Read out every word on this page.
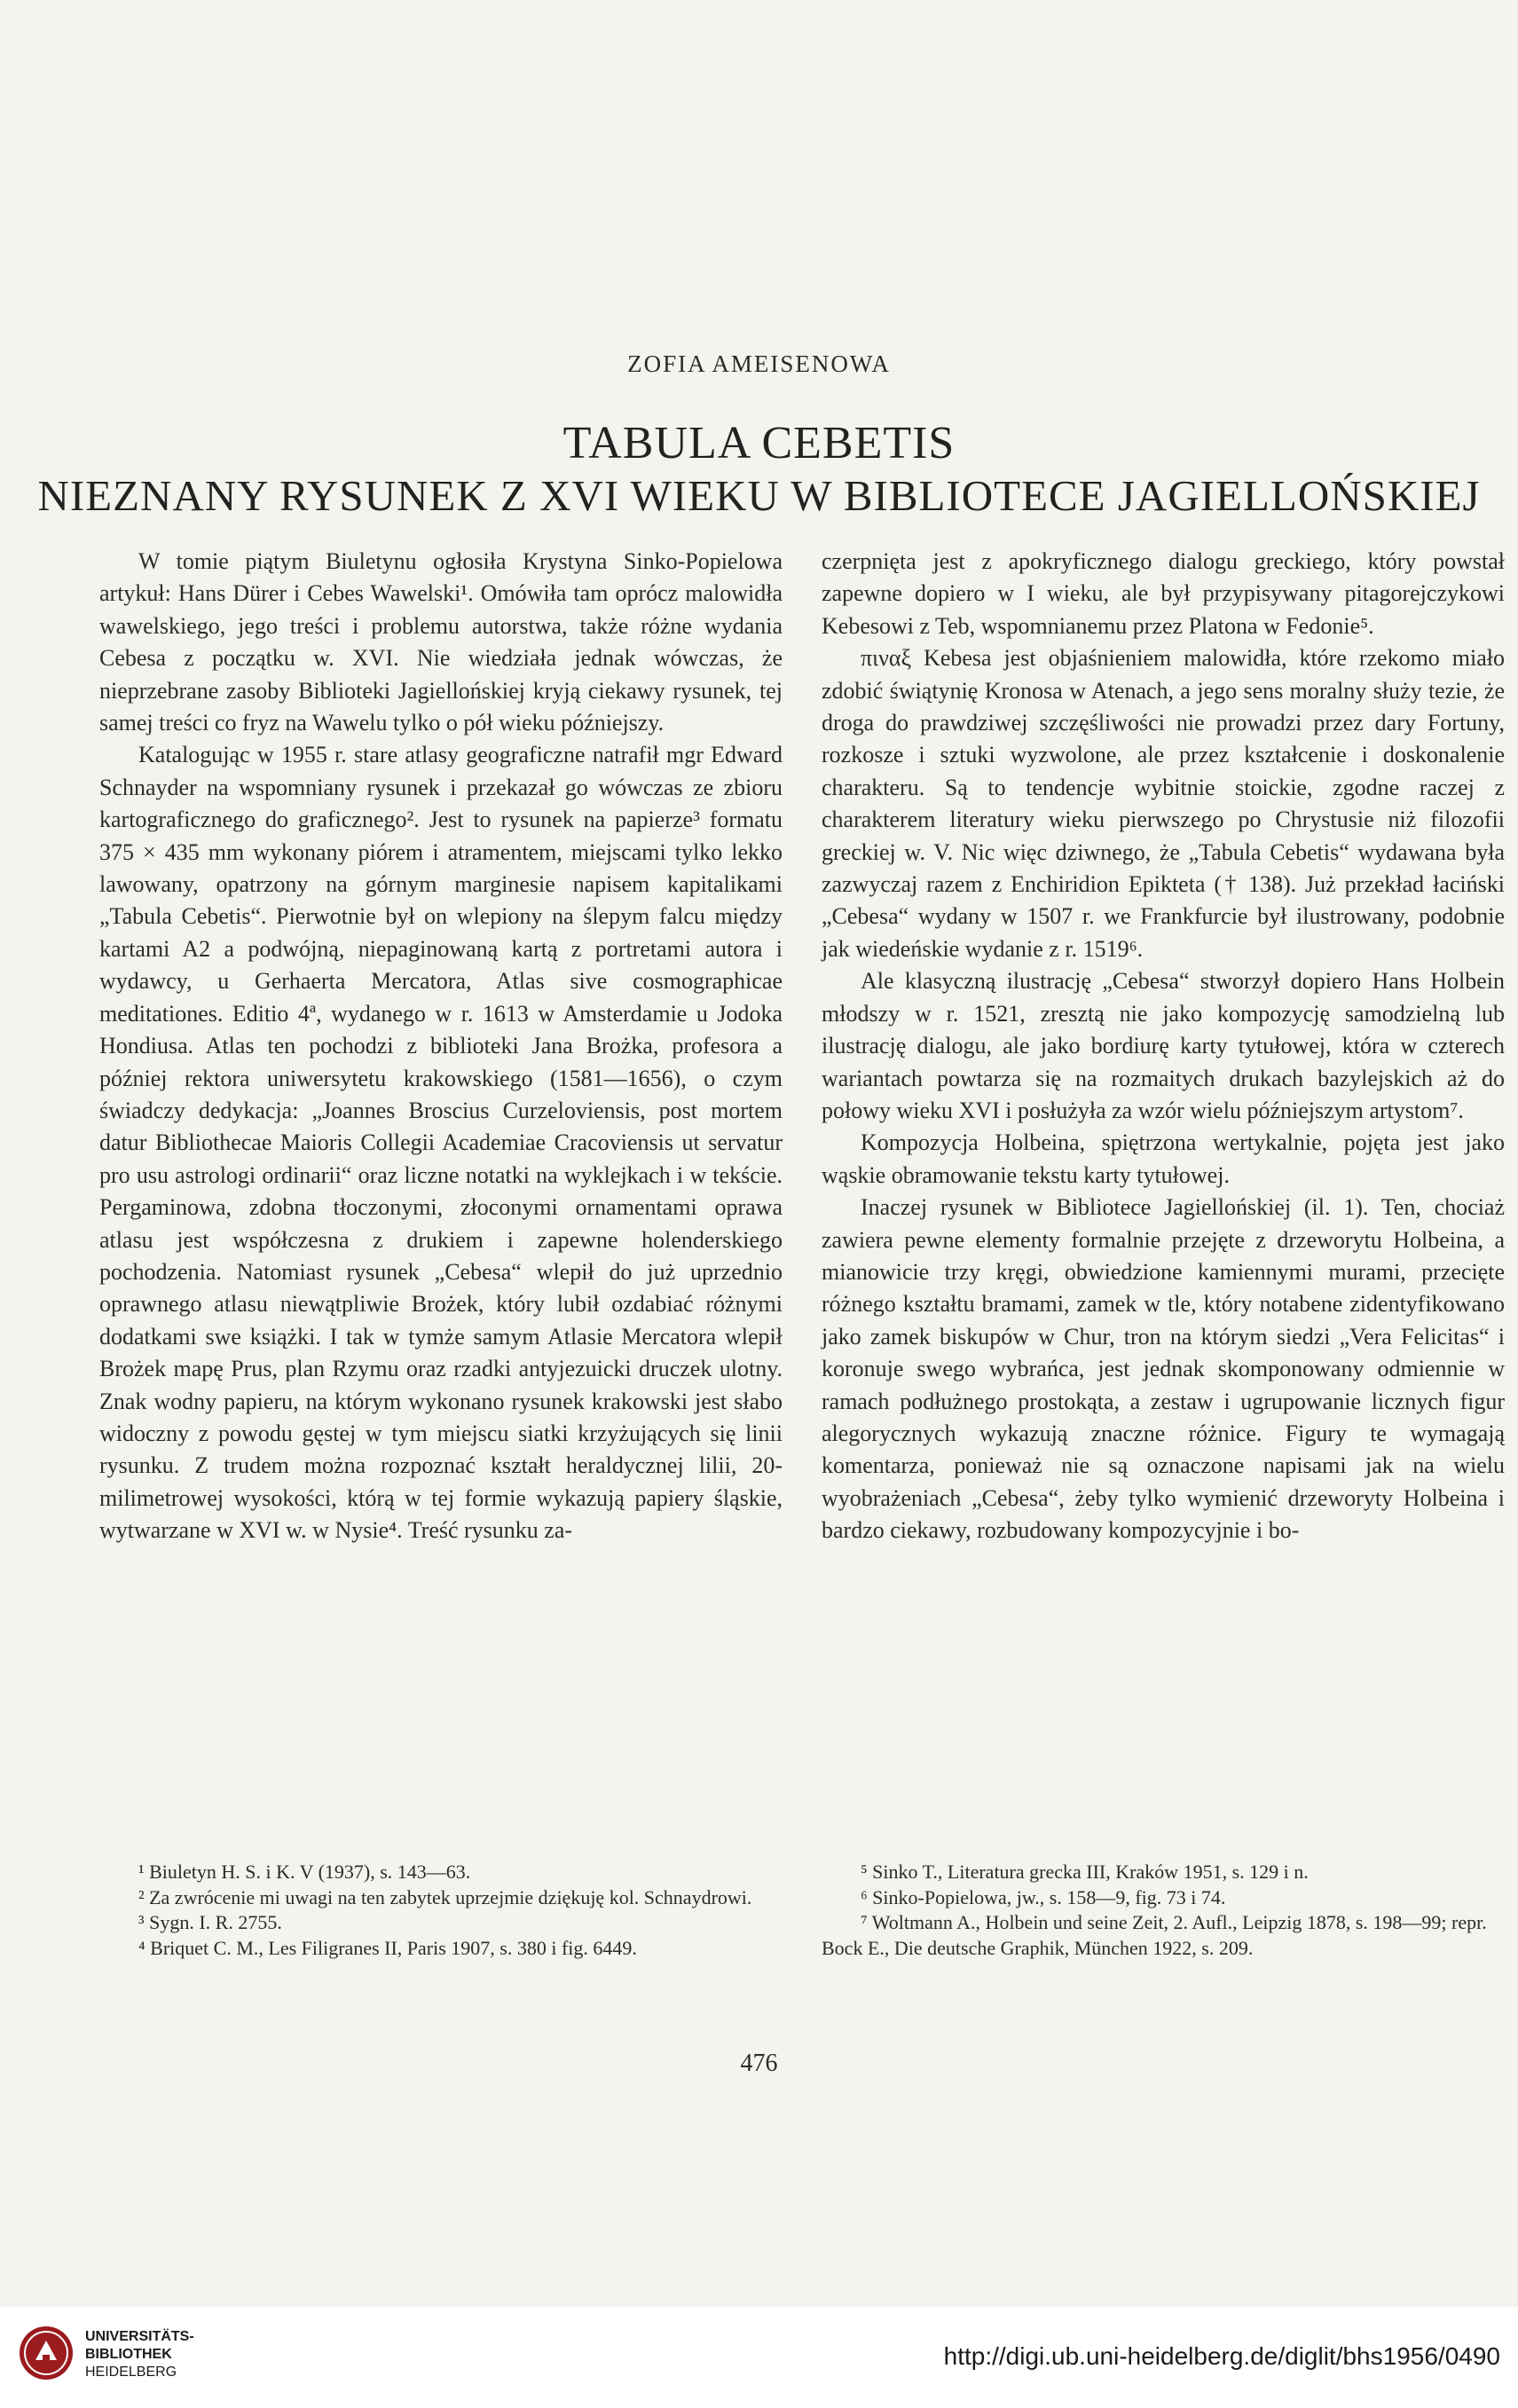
ZOFIA AMEISENOWA
TABULA CEBETIS
NIEZNANY RYSUNEK Z XVI WIEKU W BIBLIOTECE JAGIELLOŃSKIEJ

W tomie piątym Biuletynu ogłosiła Krystyna Sinko-Popielowa artykuł: Hans Dürer i Cebes Wawelski¹. Omówiła tam oprócz malowidła wawelskiego, jego treści i problemu autorstwa, także różne wydania Cebesa z początku w. XVI. Nie wiedziała jednak wówczas, że nieprzebrane zasoby Biblioteki Jagiellońskiej kryją ciekawy rysunek, tej samej treści co fryz na Wawelu tylko o pół wieku późniejszy.

Katalogując w 1955 r. stare atlasy geograficzne natrafił mgr Edward Schnayder na wspomniany rysunek i przekazał go wówczas ze zbioru kartograficznego do graficznego². Jest to rysunek na papierze³ formatu 375 × 435 mm wykonany piórem i atramentem, miejscami tylko lekko lawowany, opatrzony na górnym marginesie napisem kapitalikami „Tabula Cebetis“. Pierwotnie był on wlepiony na ślepym falcu między kartami A2 a podwójną, niepaginowaną kartą z portretami autora i wydawcy, u Gerhaerta Mercatora, Atlas sive cosmographicae meditationes. Editio 4ª, wydanego w r. 1613 w Amsterdamie u Jodoka Hondiusa. Atlas ten pochodzi z biblioteki Jana Brożka, profesora a później rektora uniwersytetu krakowskiego (1581—1656), o czym świadczy dedykacja: „Joannes Broscius Curzeloviensis, post mortem datur Bibliothecae Maioris Collegii Academiae Cracoviensis ut servatur pro usu astrologi ordinarii“ oraz liczne notatki na wyklejkach i w tekście. Pergaminowa, zdobna tłoczonymi, złoconymi ornamentami oprawa atlasu jest współczesna z drukiem i zapewne holenderskiego pochodzenia. Natomiast rysunek „Cebesa“ wlepił do już uprzednio oprawnego atlasu niewątpliwie Brożek, który lubił ozdabiać różnymi dodatkami swe książki. I tak w tymże samym Atlasie Mercatora wlepił Brożek mapę Prus, plan Rzymu oraz rzadki antyjezuicki druczek ulotny. Znak wodny papieru, na którym wykonano rysunek krakowski jest słabo widoczny z powodu gęstej w tym miejscu siatki krzyżujących się linii rysunku. Z trudem można rozpoznać kształt heraldycznej lilii, 20-milimetrowej wysokości, którą w tej formie wykazują papiery śląskie, wytwarzane w XVI w. w Nysie⁴. Treść rysunku za-

czerpnięta jest z apokryficznego dialogu greckiego, który powstał zapewne dopiero w I wieku, ale był przypisywany pitagorejczykowi Kebesowi z Teb, wspomnianemu przez Platona w Fedonie⁵.

πιναξ Kebesa jest objaśnieniem malowidła, które rzekomo miało zdobić świątynię Kronosa w Atenach, a jego sens moralny służy tezie, że droga do prawdziwej szczęśliwości nie prowadzi przez dary Fortuny, rozkosze i sztuki wyzwolone, ale przez kształcenie i doskonalenie charakteru. Są to tendencje wybitnie stoickie, zgodne raczej z charakterem literatury wieku pierwszego po Chrystusie niż filozofii greckiej w. V. Nic więc dziwnego, że „Tabula Cebetis“ wydawana była zazwyczaj razem z Enchiridion Epikteta († 138). Już przekład łaciński „Cebesa“ wydany w 1507 r. we Frankfurcie był ilustrowany, podobnie jak wiedeńskie wydanie z r. 1519⁶.

Ale klasyczną ilustrację „Cebesa“ stworzył dopiero Hans Holbein młodszy w r. 1521, zresztą nie jako kompozycję samodzielną lub ilustrację dialogu, ale jako bordiurę karty tytułowej, która w czterech wariantach powtarza się na rozmaitych drukach bazylejskich aż do połowy wieku XVI i posłużyła za wzór wielu późniejszym artystom⁷.

Kompozycja Holbeina, spiętrzona wertykalnie, pojęta jest jako wąskie obramowanie tekstu karty tytułowej.

Inaczej rysunek w Bibliotece Jagiellońskiej (il. 1). Ten, chociaż zawiera pewne elementy formalnie przejęte z drzeworytu Holbeina, a mianowicie trzy kręgi, obwiedzione kamiennymi murami, przecięte różnego kształtu bramami, zamek w tle, który notabene zidentyfikowano jako zamek biskupów w Chur, tron na którym siedzi „Vera Felicitas“ i koronuje swego wybrańca, jest jednak skomponowany odmiennie w ramach podłużnego prostokąta, a zestaw i ugrupowanie licznych figur alegorycznych wykazują znaczne różnice. Figury te wymagają komentarza, ponieważ nie są oznaczone napisami jak na wielu wyobrażeniach „Cebesa“, żeby tylko wymienić drzeworyty Holbeina i bardzo ciekawy, rozbudowany kompozycyjnie i bo-

¹ Biuletyn H. S. i K. V (1937), s. 143—63.

² Za zwrócenie mi uwagi na ten zabytek uprzejmie dziękuję kol. Schnaydrowi.

³ Sygn. I. R. 2755.

⁴ Briquet C. M., Les Filigranes II, Paris 1907, s. 380 i fig. 6449.

⁵ Sinko T., Literatura grecka III, Kraków 1951, s. 129 i n.

⁶ Sinko-Popielowa, jw., s. 158—9, fig. 73 i 74.

⁷ Woltmann A., Holbein und seine Zeit, 2. Aufl., Leipzig 1878, s. 198—99; repr. Bock E., Die deutsche Graphik, München 1922, s. 209.

476
UNIVERSITÄTS-
BIBLIOTHEK
HEIDELBERG
http://digi.ub.uni-heidelberg.de/diglit/bhs1956/0490
